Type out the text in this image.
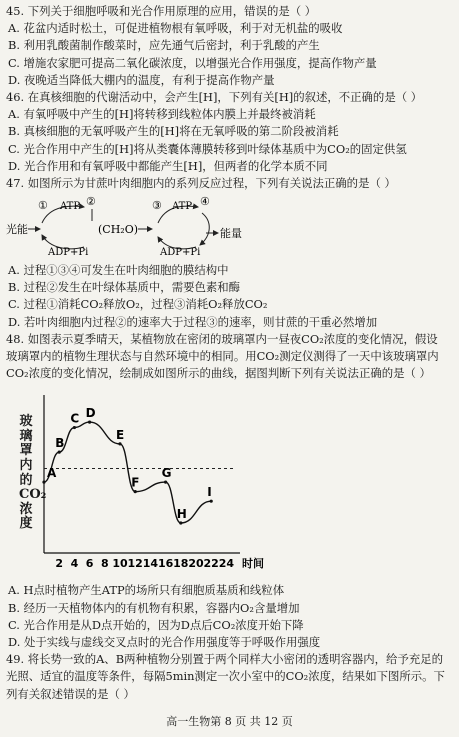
45. 下列关于细胞呼吸和光合作用原理的应用，错误的是（ ）
A. 花盆内适时松土，可促进植物根有氧呼吸，利于对无机盐的吸收
B. 利用乳酸菌制作酸菜时，应先通气后密封，利于乳酸的产生
C. 增施农家肥可提高二氧化碳浓度，以增强光合作用强度，提高作物产量
D. 夜晚适当降低大棚内的温度，有利于提高作物产量
46. 在真核细胞的代谢活动中，会产生[H]，下列有关[H]的叙述，不正确的是（ ）
A. 有氧呼吸中产生的[H]将转移到线粒体内膜上并最终被消耗
B. 真核细胞的无氧呼吸产生的[H]将在无氧呼吸的第二阶段被消耗
C. 光合作用中产生的[H]将从类囊体薄膜转移到叶绿体基质中为CO₂的固定供氢
D. 光合作用和有氧呼吸中都能产生[H]，但两者的化学本质不同
47. 如图所示为甘蔗叶肉细胞内的系列反应过程，下列有关说法正确的是（ ）
光能
① ATP
ADP+Pi
②
(CH₂O)
③ ATP ④
ADP+Pi
能量
A. 过程①③④可发生在叶肉细胞的膜结构中
B. 过程②发生在叶绿体基质中，需要色素和酶
C. 过程①消耗CO₂释放O₂，过程③消耗O₂释放CO₂
D. 若叶肉细胞内过程②的速率大于过程③的速率，则甘蔗的干重必然增加
48. 如图表示夏季晴天，某植物放在密闭的玻璃罩内一昼夜CO₂浓度的变化情况，假设
玻璃罩内的植物生理状态与自然环境中的相同。用CO₂测定仪测得了一天中该玻璃罩内
CO₂浓度的变化情况，绘制成如图所示的曲线，据图判断下列有关说法正确的是（ ）
玻璃罩内的CO₂浓度
2 4 6 8 10 12 14 16 18 20 22 24 时间
A
B
C D
E
F
G
H
I
A. H点时植物产生ATP的场所只有细胞质基质和线粒体
B. 经历一天植物体内的有机物有积累，容器内O₂含量增加
C. 光合作用是从D点开始的，因为D点后CO₂浓度开始下降
D. 处于实线与虚线交叉点时的光合作用强度等于呼吸作用强度
49. 将长势一致的A、B两种植物分别置于两个同样大小密闭的透明容器内，给予充足的
光照、适宜的温度等条件，每隔5min测定一次小室中的CO₂浓度，结果如下图所示。下
列有关叙述错误的是（ ）
高一生物第 8 页 共 12 页
